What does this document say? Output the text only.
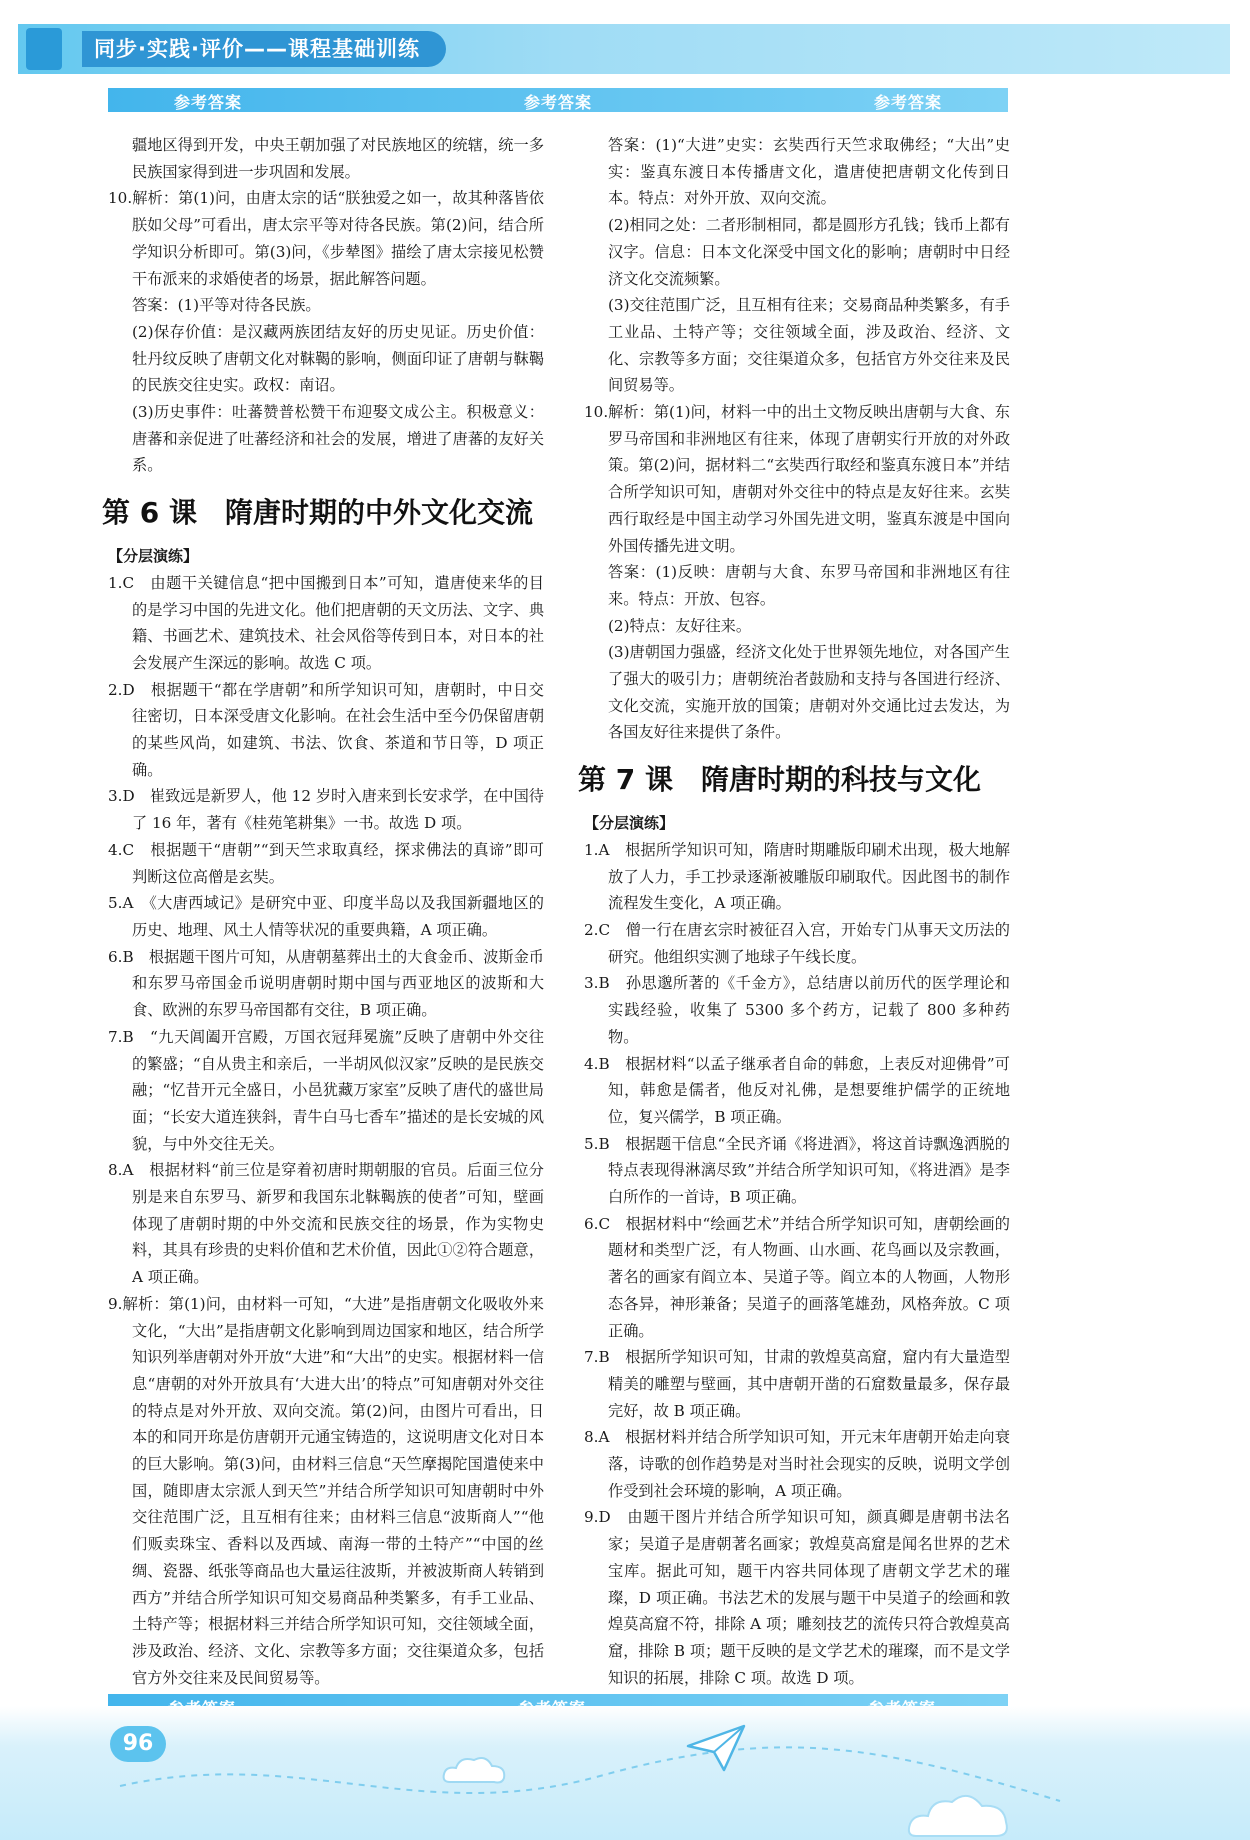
同步·实践·评价——课程基础训练
参考答案	参考答案	参考答案

疆地区得到开发，中央王朝加强了对民族地区的统辖，统一多民族国家得到进一步巩固和发展。

10.解析：第(1)问，由唐太宗的话“朕独爱之如一，故其种落皆依朕如父母”可看出，唐太宗平等对待各民族。第(2)问，结合所学知识分析即可。第(3)问，《步辇图》描绘了唐太宗接见松赞干布派来的求婚使者的场景，据此解答问题。

答案：(1)平等对待各民族。

(2)保存价值：是汉藏两族团结友好的历史见证。历史价值：牡丹纹反映了唐朝文化对靺鞨的影响，侧面印证了唐朝与靺鞨的民族交往史实。政权：南诏。

(3)历史事件：吐蕃赞普松赞干布迎娶文成公主。积极意义：唐蕃和亲促进了吐蕃经济和社会的发展，增进了唐蕃的友好关系。

第 6 课　隋唐时期的中外文化交流

【分层演练】

1.C　由题干关键信息“把中国搬到日本”可知，遣唐使来华的目的是学习中国的先进文化。他们把唐朝的天文历法、文字、典籍、书画艺术、建筑技术、社会风俗等传到日本，对日本的社会发展产生深远的影响。故选 C 项。

2.D　根据题干“都在学唐朝”和所学知识可知，唐朝时，中日交往密切，日本深受唐文化影响。在社会生活中至今仍保留唐朝的某些风尚，如建筑、书法、饮食、茶道和节日等，D 项正确。

3.D　崔致远是新罗人，他 12 岁时入唐来到长安求学，在中国待了 16 年，著有《桂苑笔耕集》一书。故选 D 项。

4.C　根据题干“唐朝”“到天竺求取真经，探求佛法的真谛”即可判断这位高僧是玄奘。

5.A　《大唐西域记》是研究中亚、印度半岛以及我国新疆地区的历史、地理、风土人情等状况的重要典籍，A 项正确。

6.B　根据题干图片可知，从唐朝墓葬出土的大食金币、波斯金币和东罗马帝国金币说明唐朝时期中国与西亚地区的波斯和大食、欧洲的东罗马帝国都有交往，B 项正确。

7.B　“九天阊阖开宫殿，万国衣冠拜冕旒”反映了唐朝中外交往的繁盛；“自从贵主和亲后，一半胡风似汉家”反映的是民族交融；“忆昔开元全盛日，小邑犹藏万家室”反映了唐代的盛世局面；“长安大道连狭斜，青牛白马七香车”描述的是长安城的风貌，与中外交往无关。

8.A　根据材料“前三位是穿着初唐时期朝服的官员。后面三位分别是来自东罗马、新罗和我国东北靺鞨族的使者”可知，壁画体现了唐朝时期的中外交流和民族交往的场景，作为实物史料，其具有珍贵的史料价值和艺术价值，因此①②符合题意，A 项正确。

9.解析：第(1)问，由材料一可知，“大进”是指唐朝文化吸收外来文化，“大出”是指唐朝文化影响到周边国家和地区，结合所学知识列举唐朝对外开放“大进”和“大出”的史实。根据材料一信息“唐朝的对外开放具有‘大进大出’的特点”可知唐朝对外交往的特点是对外开放、双向交流。第(2)问，由图片可看出，日本的和同开珎是仿唐朝开元通宝铸造的，这说明唐文化对日本的巨大影响。第(3)问，由材料三信息“天竺摩揭陀国遣使来中国，随即唐太宗派人到天竺”并结合所学知识可知唐朝时中外交往范围广泛，且互相有往来；由材料三信息“波斯商人”“他们贩卖珠宝、香料以及西域、南海一带的土特产”“中国的丝绸、瓷器、纸张等商品也大量运往波斯，并被波斯商人转销到西方”并结合所学知识可知交易商品种类繁多，有手工业品、土特产等；根据材料三并结合所学知识可知，交往领域全面，涉及政治、经济、文化、宗教等多方面；交往渠道众多，包括官方外交往来及民间贸易等。

答案：(1)“大进”史实：玄奘西行天竺求取佛经；“大出”史实：鉴真东渡日本传播唐文化，遣唐使把唐朝文化传到日本。特点：对外开放、双向交流。

(2)相同之处：二者形制相同，都是圆形方孔钱；钱币上都有汉字。信息：日本文化深受中国文化的影响；唐朝时中日经济文化交流频繁。

(3)交往范围广泛，且互相有往来；交易商品种类繁多，有手工业品、土特产等；交往领域全面，涉及政治、经济、文化、宗教等多方面；交往渠道众多，包括官方外交往来及民间贸易等。

10.解析：第(1)问，材料一中的出土文物反映出唐朝与大食、东罗马帝国和非洲地区有往来，体现了唐朝实行开放的对外政策。第(2)问，据材料二“玄奘西行取经和鉴真东渡日本”并结合所学知识可知，唐朝对外交往中的特点是友好往来。玄奘西行取经是中国主动学习外国先进文明，鉴真东渡是中国向外国传播先进文明。

答案：(1)反映：唐朝与大食、东罗马帝国和非洲地区有往来。特点：开放、包容。

(2)特点：友好往来。

(3)唐朝国力强盛，经济文化处于世界领先地位，对各国产生了强大的吸引力；唐朝统治者鼓励和支持与各国进行经济、文化交流，实施开放的国策；唐朝对外交通比过去发达，为各国友好往来提供了条件。

第 7 课　隋唐时期的科技与文化

【分层演练】

1.A　根据所学知识可知，隋唐时期雕版印刷术出现，极大地解放了人力，手工抄录逐渐被雕版印刷取代。因此图书的制作流程发生变化，A 项正确。

2.C　僧一行在唐玄宗时被征召入宫，开始专门从事天文历法的研究。他组织实测了地球子午线长度。

3.B　孙思邈所著的《千金方》，总结唐以前历代的医学理论和实践经验，收集了 5300 多个药方，记载了 800 多种药物。

4.B　根据材料“以孟子继承者自命的韩愈，上表反对迎佛骨”可知，韩愈是儒者，他反对礼佛，是想要维护儒学的正统地位，复兴儒学，B 项正确。

5.B　根据题干信息“全民齐诵《将进酒》，将这首诗飘逸洒脱的特点表现得淋漓尽致”并结合所学知识可知，《将进酒》是李白所作的一首诗，B 项正确。

6.C　根据材料中“绘画艺术”并结合所学知识可知，唐朝绘画的题材和类型广泛，有人物画、山水画、花鸟画以及宗教画，著名的画家有阎立本、吴道子等。阎立本的人物画，人物形态各异，神形兼备；吴道子的画落笔雄劲，风格奔放。C 项正确。

7.B　根据所学知识可知，甘肃的敦煌莫高窟，窟内有大量造型精美的雕塑与壁画，其中唐朝开凿的石窟数量最多，保存最完好，故 B 项正确。

8.A　根据材料并结合所学知识可知，开元末年唐朝开始走向衰落，诗歌的创作趋势是对当时社会现实的反映，说明文学创作受到社会环境的影响，A 项正确。

9.D　由题干图片并结合所学知识可知，颜真卿是唐朝书法名家；吴道子是唐朝著名画家；敦煌莫高窟是闻名世界的艺术宝库。据此可知，题干内容共同体现了唐朝文学艺术的璀璨，D 项正确。书法艺术的发展与题干中吴道子的绘画和敦煌莫高窟不符，排除 A 项；雕刻技艺的流传只符合敦煌莫高窟，排除 B 项；题干反映的是文学艺术的璀璨，而不是文学知识的拓展，排除 C 项。故选 D 项。

96
